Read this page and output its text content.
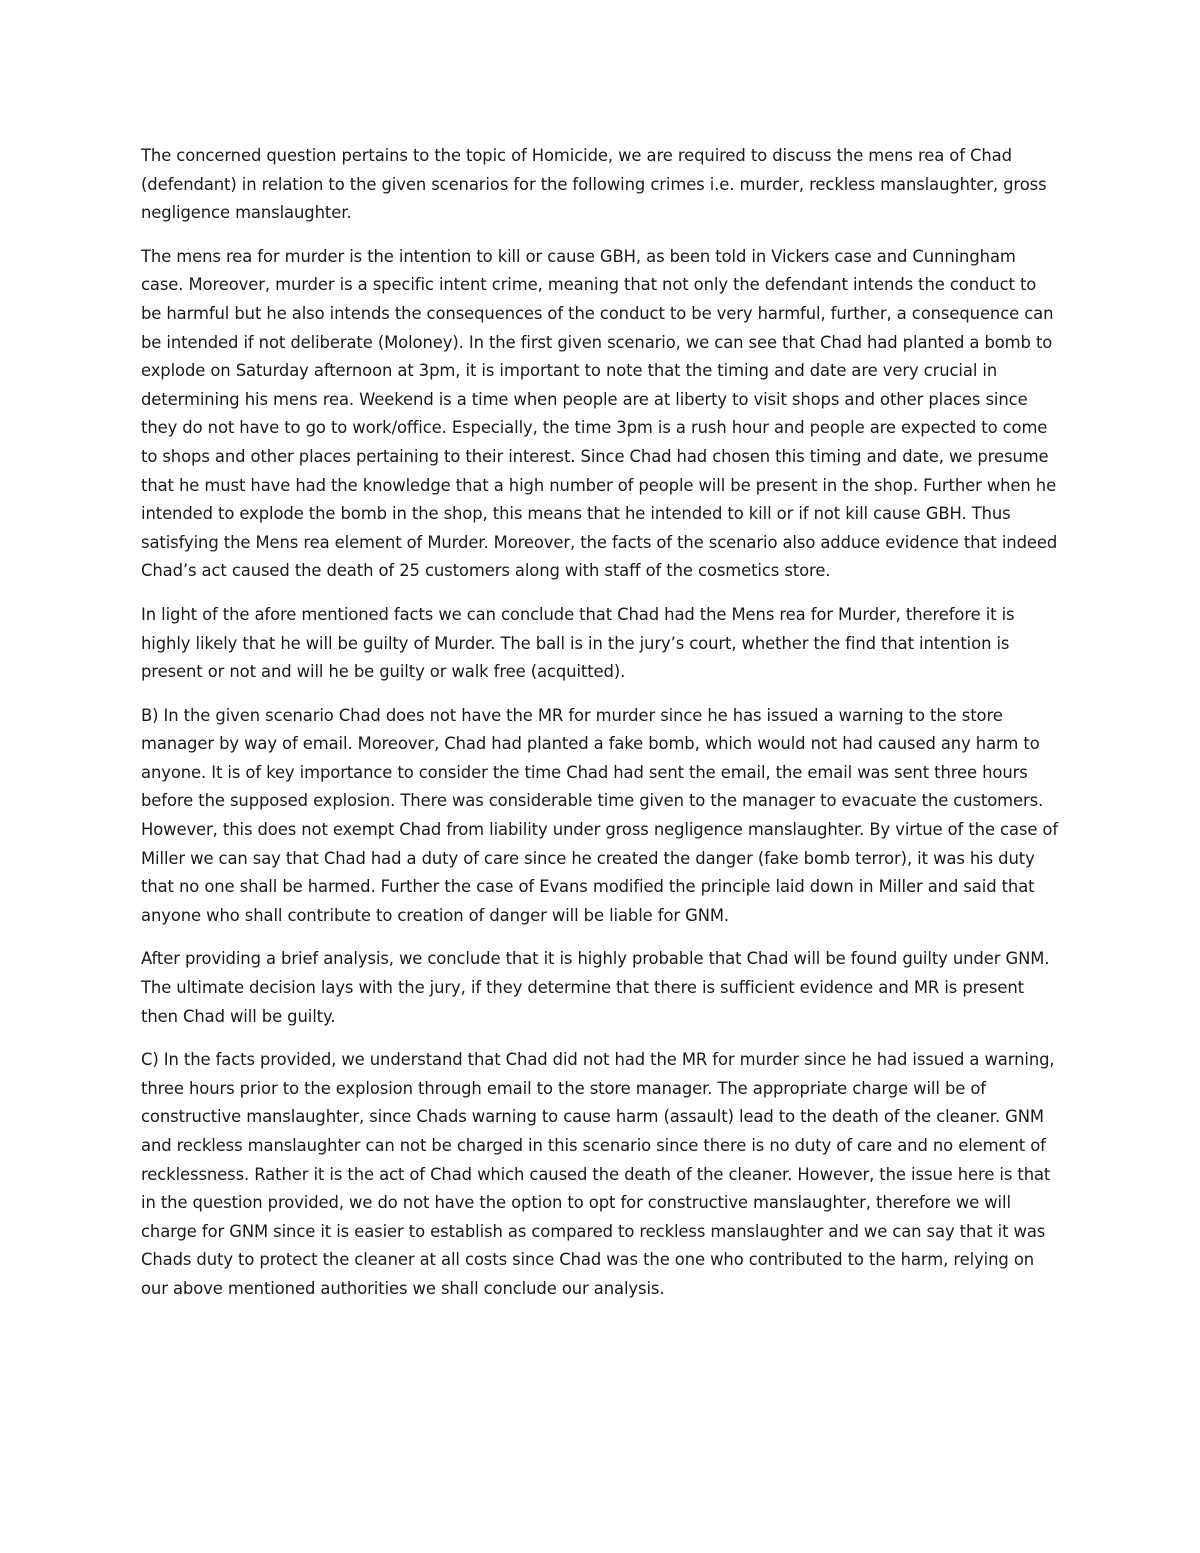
The concerned question pertains to the topic of Homicide, we are required to discuss the mens rea of Chad (defendant) in relation to the given scenarios for the following crimes i.e. murder, reckless manslaughter, gross negligence manslaughter.

The mens rea for murder is the intention to kill or cause GBH, as been told in Vickers case and Cunningham case. Moreover, murder is a specific intent crime, meaning that not only the defendant intends the conduct to be harmful but he also intends the consequences of the conduct to be very harmful, further, a consequence can be intended if not deliberate (Moloney). In the first given scenario, we can see that Chad had planted a bomb to explode on Saturday afternoon at 3pm, it is important to note that the timing and date are very crucial in determining his mens rea. Weekend is a time when people are at liberty to visit shops and other places since they do not have to go to work/office. Especially, the time 3pm is a rush hour and people are expected to come to shops and other places pertaining to their interest. Since Chad had chosen this timing and date, we presume that he must have had the knowledge that a high number of people will be present in the shop. Further when he intended to explode the bomb in the shop, this means that he intended to kill or if not kill cause GBH. Thus satisfying the Mens rea element of Murder. Moreover, the facts of the scenario also adduce evidence that indeed Chad’s act caused the death of 25 customers along with staff of the cosmetics store.

In light of the afore mentioned facts we can conclude that Chad had the Mens rea for Murder, therefore it is highly likely that he will be guilty of Murder. The ball is in the jury’s court, whether the find that intention is present or not and will he be guilty or walk free (acquitted).

B) In the given scenario Chad does not have the MR for murder since he has issued a warning to the store manager by way of email. Moreover, Chad had planted a fake bomb, which would not had caused any harm to anyone. It is of key importance to consider the time Chad had sent the email, the email was sent three hours before the supposed explosion. There was considerable time given to the manager to evacuate the customers. However, this does not exempt Chad from liability under gross negligence manslaughter. By virtue of the case of Miller we can say that Chad had a duty of care since he created the danger (fake bomb terror), it was his duty that no one shall be harmed. Further the case of Evans modified the principle laid down in Miller and said that anyone who shall contribute to creation of danger will be liable for GNM.

After providing a brief analysis, we conclude that it is highly probable that Chad will be found guilty under GNM. The ultimate decision lays with the jury, if they determine that there is sufficient evidence and MR is present then Chad will be guilty.

C) In the facts provided, we understand that Chad did not had the MR for murder since he had issued a warning, three hours prior to the explosion through email to the store manager. The appropriate charge will be of constructive manslaughter, since Chads warning to cause harm (assault) lead to the death of the cleaner. GNM and reckless manslaughter can not be charged in this scenario since there is no duty of care and no element of recklessness. Rather it is the act of Chad which caused the death of the cleaner. However, the issue here is that in the question provided, we do not have the option to opt for constructive manslaughter, therefore we will charge for GNM since it is easier to establish as compared to reckless manslaughter and we can say that it was Chads duty to protect the cleaner at all costs since Chad was the one who contributed to the harm, relying on our above mentioned authorities we shall conclude our analysis.
